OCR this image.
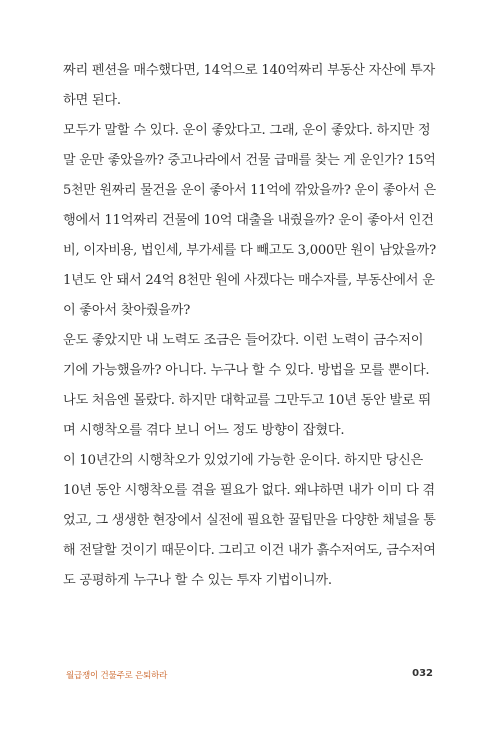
짜리 펜션을 매수했다면, 14억으로 140억짜리 부동산 자산에 투자
하면 된다.
모두가 말할 수 있다. 운이 좋았다고. 그래, 운이 좋았다. 하지만 정
말 운만 좋았을까? 중고나라에서 건물 급매를 찾는 게 운인가? 15억
5천만 원짜리 물건을 운이 좋아서 11억에 깎았을까? 운이 좋아서 은
행에서 11억짜리 건물에 10억 대출을 내줬을까? 운이 좋아서 인건
비, 이자비용, 법인세, 부가세를 다 빼고도 3,000만 원이 남았을까?
1년도 안 돼서 24억 8천만 원에 사겠다는 매수자를, 부동산에서 운
이 좋아서 찾아줬을까?
운도 좋았지만 내 노력도 조금은 들어갔다. 이런 노력이 금수저이
기에 가능했을까? 아니다. 누구나 할 수 있다. 방법을 모를 뿐이다.
나도 처음엔 몰랐다. 하지만 대학교를 그만두고 10년 동안 발로 뛰
며 시행착오를 겪다 보니 어느 정도 방향이 잡혔다.
이 10년간의 시행착오가 있었기에 가능한 운이다. 하지만 당신은
10년 동안 시행착오를 겪을 필요가 없다. 왜냐하면 내가 이미 다 겪
었고, 그 생생한 현장에서 실전에 필요한 꿀팁만을 다양한 채널을 통
해 전달할 것이기 때문이다. 그리고 이건 내가 흙수저여도, 금수저여
도 공평하게 누구나 할 수 있는 투자 기법이니까.
월급쟁이 건물주로 은퇴하라	032
